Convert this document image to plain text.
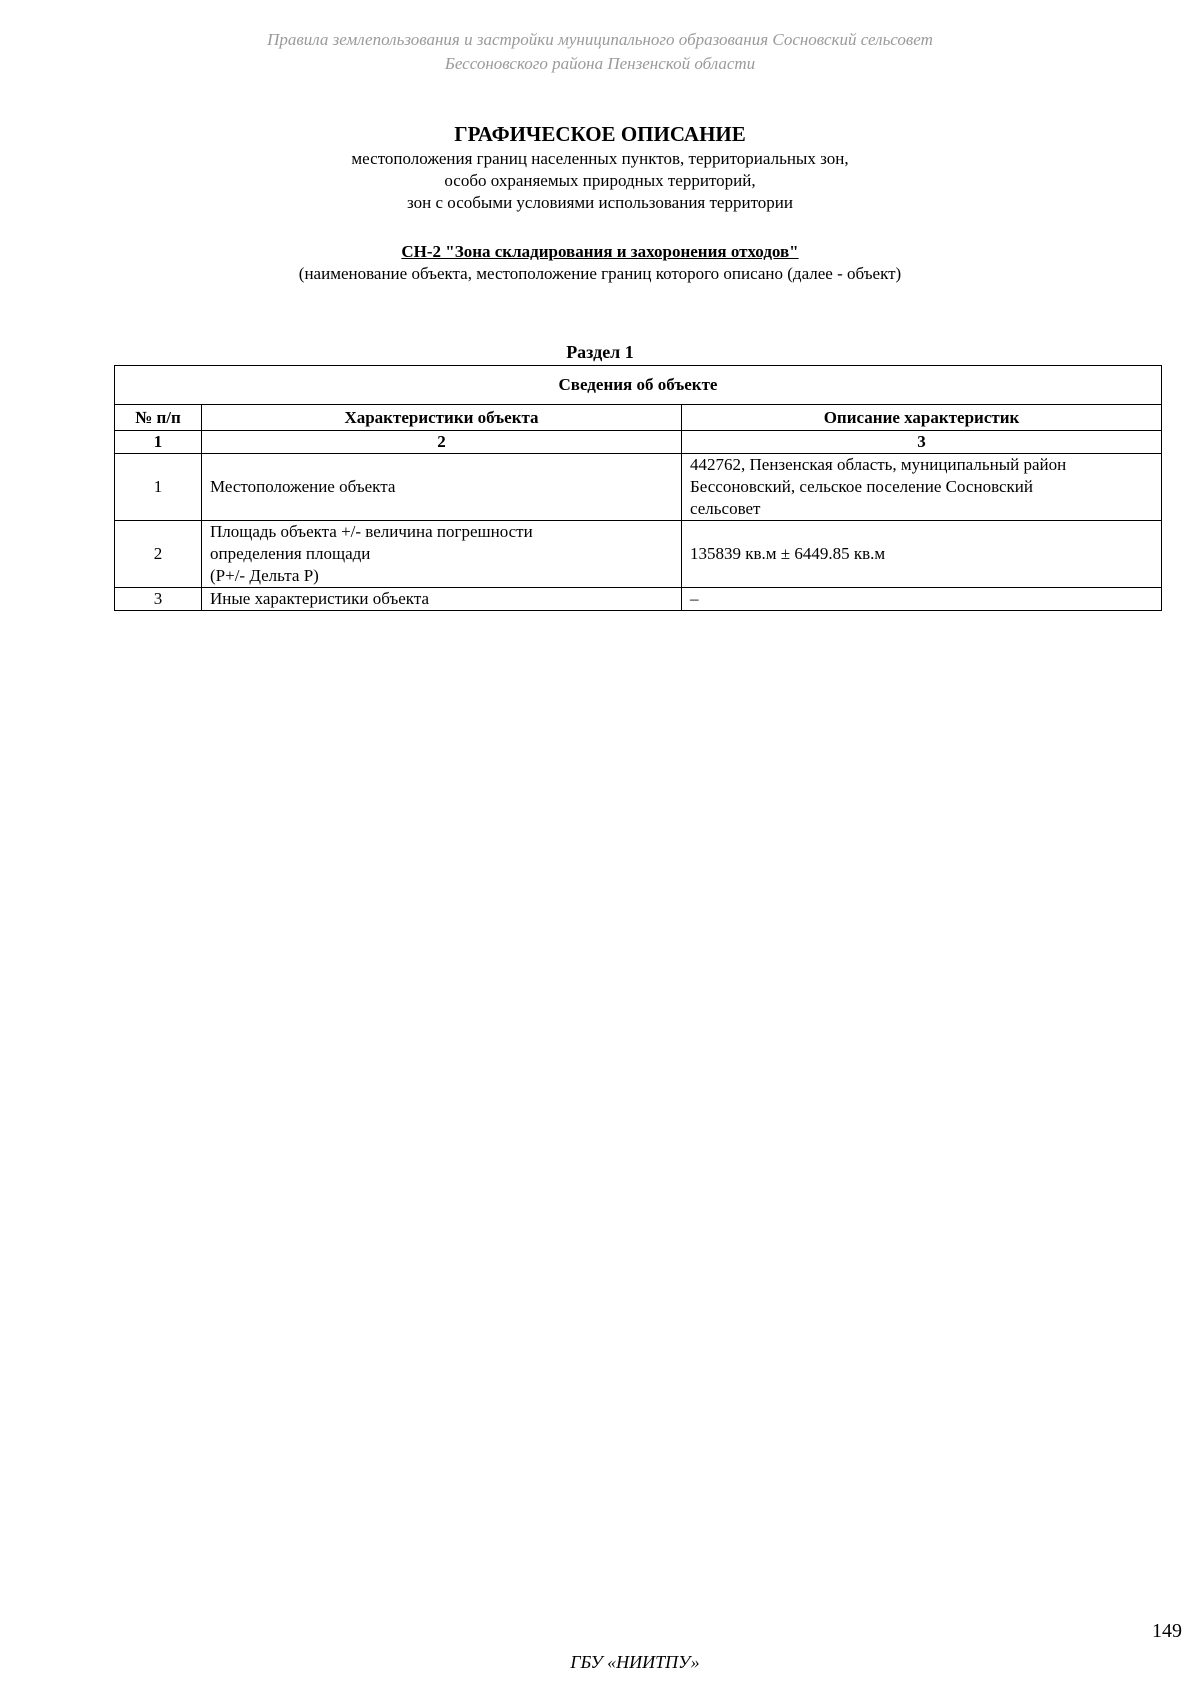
Правила землепользования и застройки муниципального образования Сосновский сельсовет
Бессоновского района Пензенской области
ГРАФИЧЕСКОЕ ОПИСАНИЕ
местоположения границ населенных пунктов, территориальных зон,
особо охраняемых природных территорий,
зон с особыми условиями использования территории
СН-2 "Зона складирования и захоронения отходов"
(наименование объекта, местоположение границ которого описано (далее - объект)
Раздел 1
Сведения об объекте		
№ п/п	Характеристики объекта	Описание характеристик
1	2	3
1	Местоположение объекта	442762, Пензенская область, муниципальный район
Бессоновский, сельское поселение Сосновский
сельсовет
2	Площадь объекта +/- величина погрешности
определения площади
(Р+/- Дельта Р)	135839 кв.м ± 6449.85 кв.м
3	Иные характеристики объекта	–
149
ГБУ «НИИТПУ»
